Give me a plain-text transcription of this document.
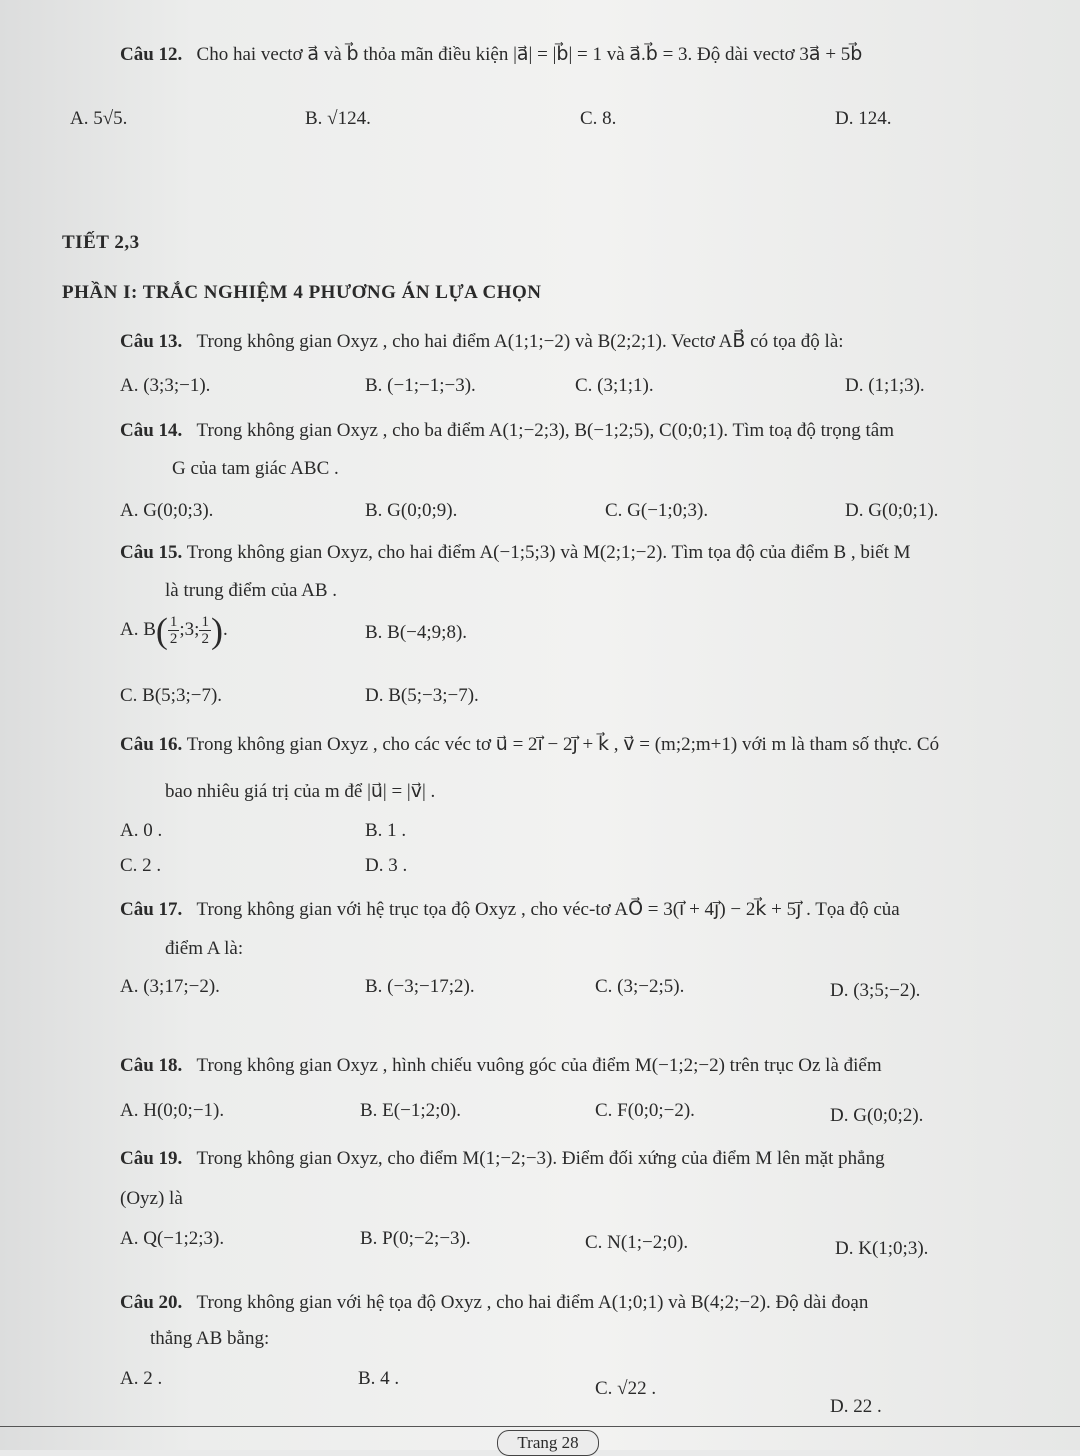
Câu 12. Cho hai vectơ a⃗ và b⃗ thỏa mãn điều kiện |a⃗| = |b⃗| = 1 và a⃗.b⃗ = 3. Độ dài vectơ 3a⃗ + 5b⃗
A. 5√5.	B. √124.	C. 8.	D. 124.
TIẾT 2,3
PHẦN I: TRẮC NGHIỆM 4 PHƯƠNG ÁN LỰA CHỌN
Câu 13. Trong không gian Oxyz , cho hai điểm A(1;1;−2) và B(2;2;1). Vectơ AB⃗ có tọa độ là:
A. (3;3;−1).	B. (−1;−1;−3).	C. (3;1;1).	D. (1;1;3).
Câu 14. Trong không gian Oxyz , cho ba điểm A(1;−2;3), B(−1;2;5), C(0;0;1). Tìm toạ độ trọng tâm
G của tam giác ABC .
A. G(0;0;3).	B. G(0;0;9).	C. G(−1;0;3).	D. G(0;0;1).
Câu 15. Trong không gian Oxyz, cho hai điểm A(−1;5;3) và M(2;1;−2). Tìm tọa độ của điểm B , biết M
là trung điểm của AB .
A. $B( \frac{1}{2}$ ;3; $\frac{1}{2}$ ).	B. B(−4;9;8).
C. B(5;3;−7).	D. B(5;−3;−7).
Câu 16. Trong không gian Oxyz , cho các véc tơ u⃗ = 2i⃗ − 2j⃗ + k⃗ , v⃗ = (m;2;m+1) với m là tham số thực. Có
bao nhiêu giá trị của m để |u⃗| = |v⃗| .
A. 0 .	B. 1 .
C. 2 .	D. 3 .
Câu 17. Trong không gian với hệ trục tọa độ Oxyz , cho véc-tơ AO⃗ = 3(i⃗ + 4j⃗) − 2k⃗ + 5j⃗ . Tọa độ của
điểm A là:
A. (3;17;−2).	B. (−3;−17;2).	C. (3;−2;5).	D. (3;5;−2).
Câu 18. Trong không gian Oxyz , hình chiếu vuông góc của điểm M(−1;2;−2) trên trục Oz là điểm
A. H(0;0;−1).	B. E(−1;2;0).	C. F(0;0;−2).	D. G(0;0;2).
Câu 19. Trong không gian Oxyz, cho điểm M(1;−2;−3). Điểm đối xứng của điểm M lên mặt phẳng
(Oyz) là
A. Q(−1;2;3).	B. P(0;−2;−3).	C. N(1;−2;0).	D. K(1;0;3).
Câu 20. Trong không gian với hệ tọa độ Oxyz , cho hai điểm A(1;0;1) và B(4;2;−2). Độ dài đoạn
thẳng AB bằng:
A. 2 .	B. 4 .	C. √22 .
D. 22 .
Trang 28
